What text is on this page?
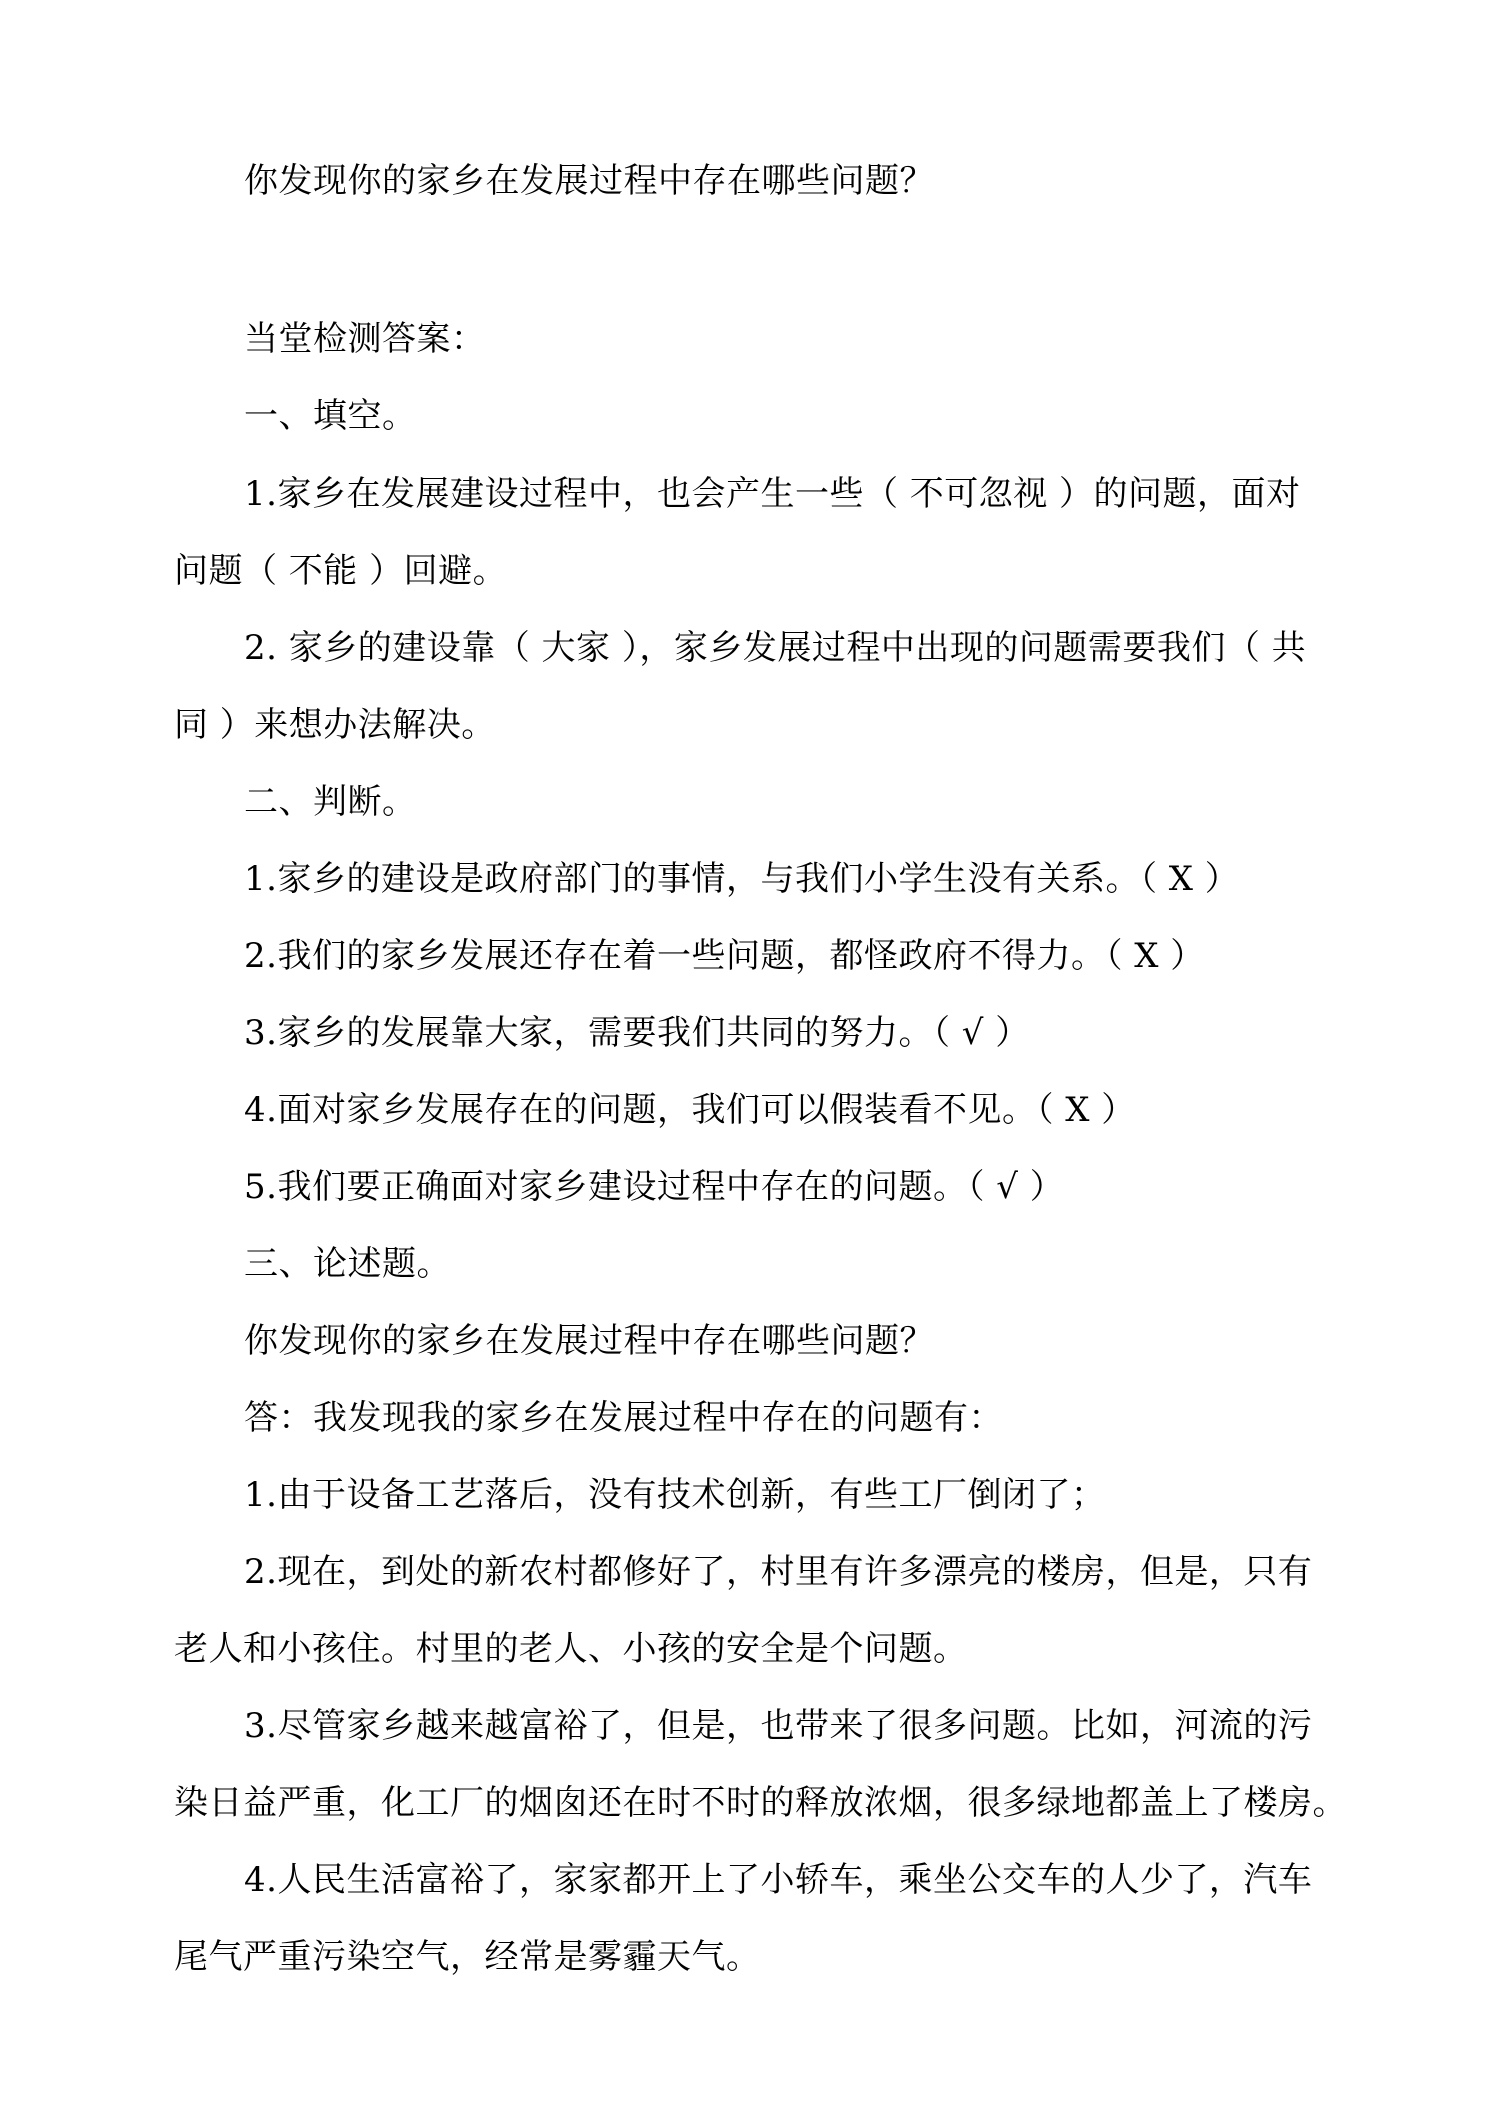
你发现你的家乡在发展过程中存在哪些问题？
当堂检测答案：
一、填空。
1.家乡在发展建设过程中，也会产生一些（ 不可忽视 ）的问题，面对
问题（ 不能 ）回避。
2. 家乡的建设靠（ 大家 ），家乡发展过程中出现的问题需要我们（ 共
同 ）来想办法解决。
二、判断。
1.家乡的建设是政府部门的事情，与我们小学生没有关系。（ X ）
2.我们的家乡发展还存在着一些问题，都怪政府不得力。（ X ）
3.家乡的发展靠大家，需要我们共同的努力。（ √ ）
4.面对家乡发展存在的问题，我们可以假装看不见。（ X ）
5.我们要正确面对家乡建设过程中存在的问题。（ √ ）
三、论述题。
你发现你的家乡在发展过程中存在哪些问题？
答：我发现我的家乡在发展过程中存在的问题有：
1.由于设备工艺落后，没有技术创新，有些工厂倒闭了；
2.现在，到处的新农村都修好了，村里有许多漂亮的楼房，但是，只有
老人和小孩住。村里的老人、小孩的安全是个问题。
3.尽管家乡越来越富裕了，但是，也带来了很多问题。比如，河流的污
染日益严重，化工厂的烟囱还在时不时的释放浓烟，很多绿地都盖上了楼房。
4.人民生活富裕了，家家都开上了小轿车，乘坐公交车的人少了，汽车
尾气严重污染空气，经常是雾霾天气。
